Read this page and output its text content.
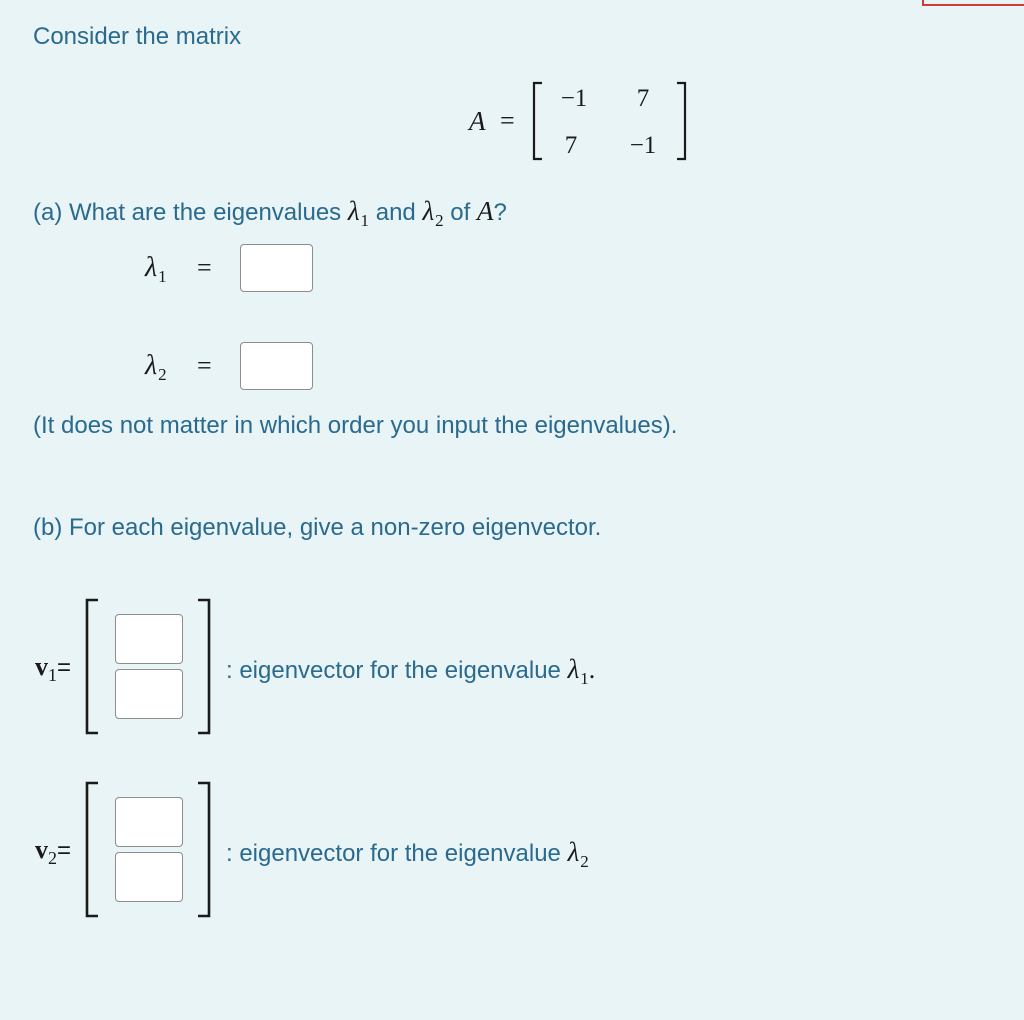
Consider the matrix
A =
−1	7
7	−1
(a) What are the eigenvalues $\lambda_1$ and $\lambda_2$ of A?
λ1 =
λ2 =
(It does not matter in which order you input the eigenvalues).
(b) For each eigenvalue, give a non-zero eigenvector.
$v_1=$	: eigenvector for the eigenvalue $\lambda_1$.
$v_2=$	: eigenvector for the eigenvalue $\lambda_2$
